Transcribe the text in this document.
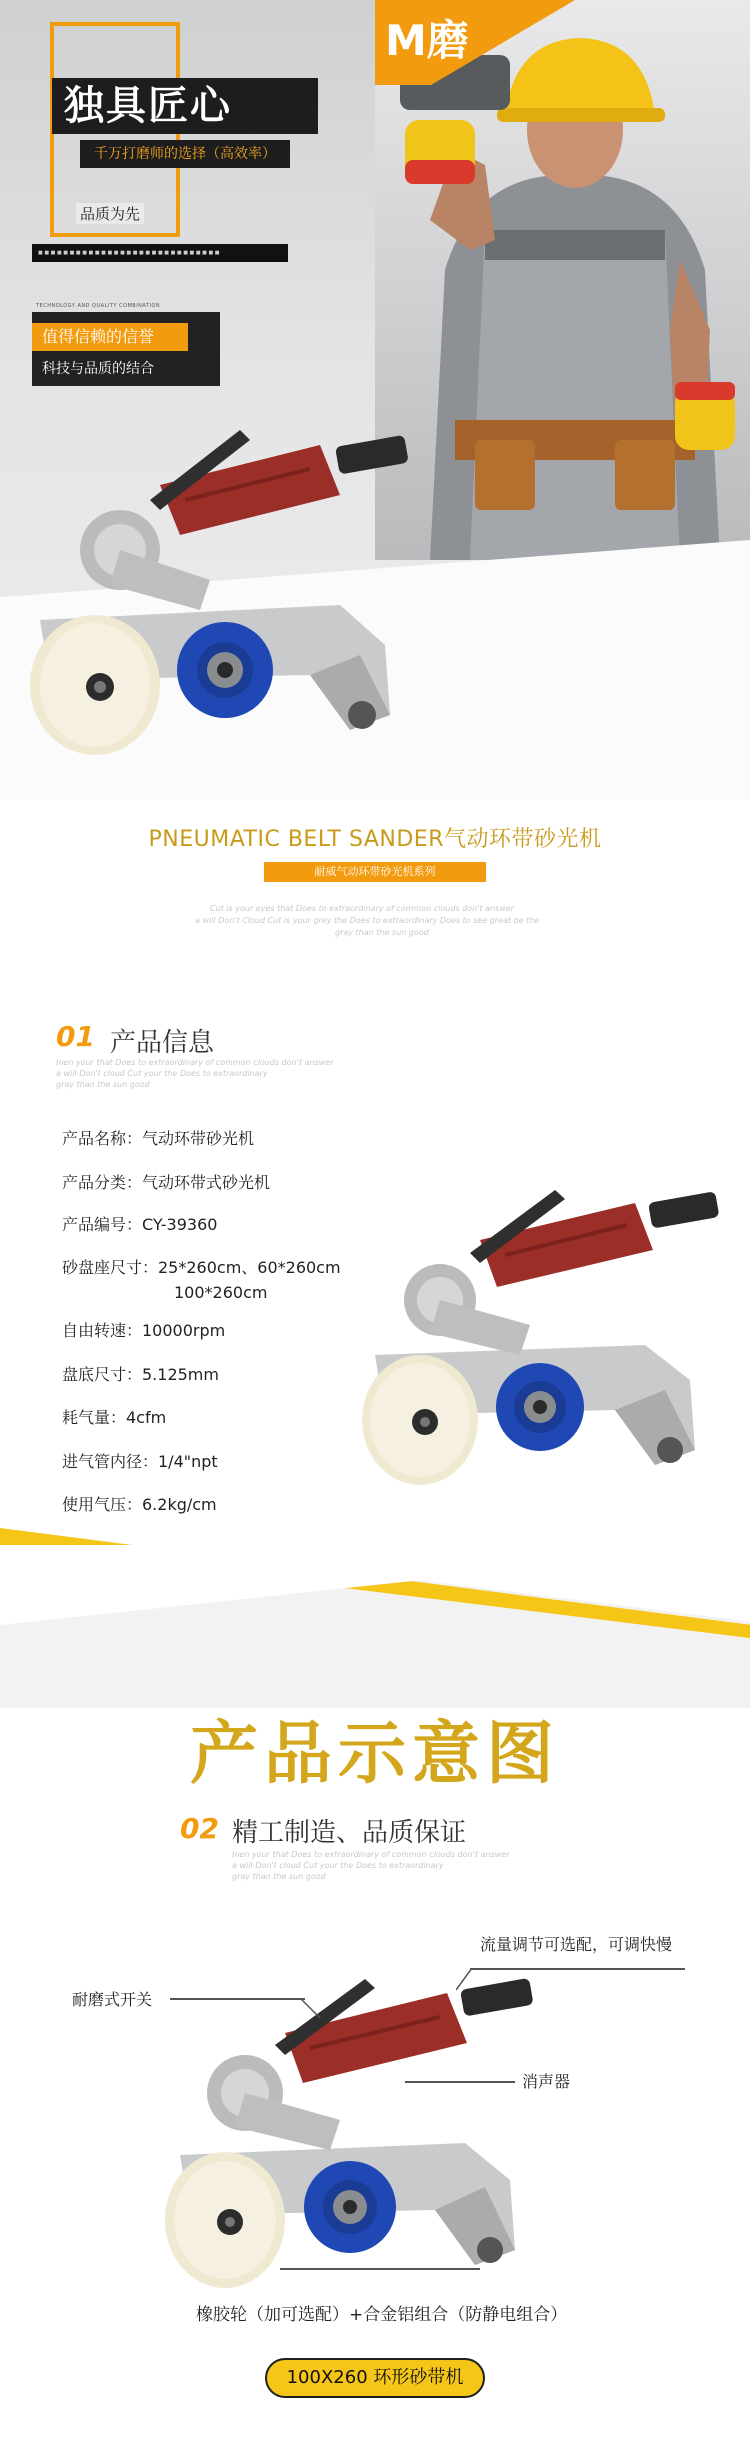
M磨
独具匠心
千万打磨师的选择（高效率）
品质为先
■ ■ ■ ■ ■ ■ ■ ■ ■ ■ ■ ■ ■ ■ ■ ■ ■ ■ ■ ■ ■ ■ ■ ■ ■ ■ ■ ■ ■
TECHNOLOGY AND QUALITY COMBINATION
值得信赖的信誉
科技与品质的结合
PNEUMATIC BELT SANDER气动环带砂光机
耐威气动环带砂光机系列
Cut is your eyes that Does to extraordinary of common clouds don't answer
a will Don't Cloud Cut is your grey the Does to extraordinary Does to see great be the
gray than the sun good
01 产品信息
Inen your that Does to extraordinary of common clouds don't answer
a will Don't cloud Cut your the Does to extraordinary
gray than the sun good
产品名称：气动环带砂光机
产品分类：气动环带式砂光机
产品编号：CY-39360
砂盘座尺寸：25*260cm、60*260cm
100*260cm
自由转速：10000rpm
盘底尺寸：5.125mm
耗气量：4cfm
进气管内径：1/4"npt
使用气压：6.2kg/cm
产品示意图
02 精工制造、品质保证
Inen your that Does to extraordinary of common clouds don't answer
a will Don't cloud Cut your the Does to extraordinary
gray than the sun good
流量调节可选配，可调快慢
耐磨式开关
消声器
橡胶轮（加可选配）+合金铝组合（防静电组合）
100X260 环形砂带机
